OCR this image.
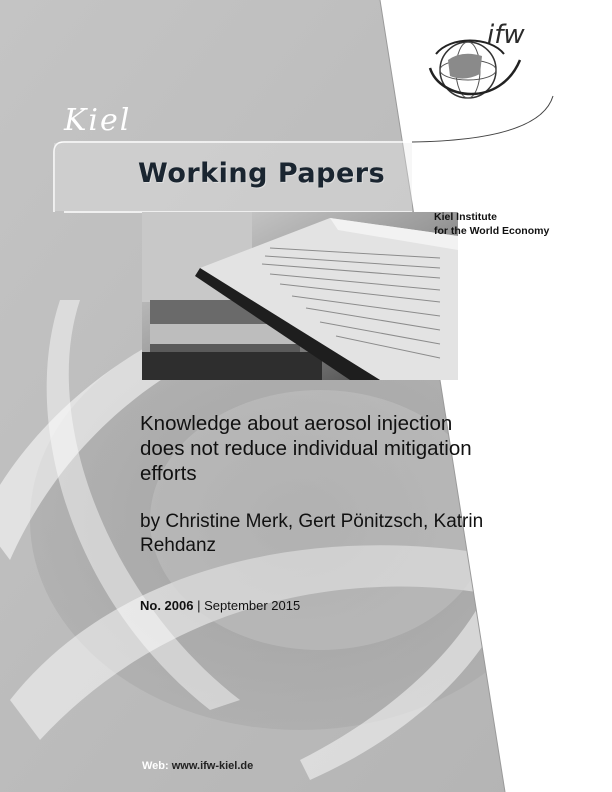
Kiel
Working Papers
ifw
Kiel Institute
for the World Economy
Knowledge about aerosol injection
does not reduce individual mitigation
efforts
by Christine Merk, Gert Pönitzsch, Katrin
Rehdanz
No. 2006 | September 2015
Web: www.ifw-kiel.de
